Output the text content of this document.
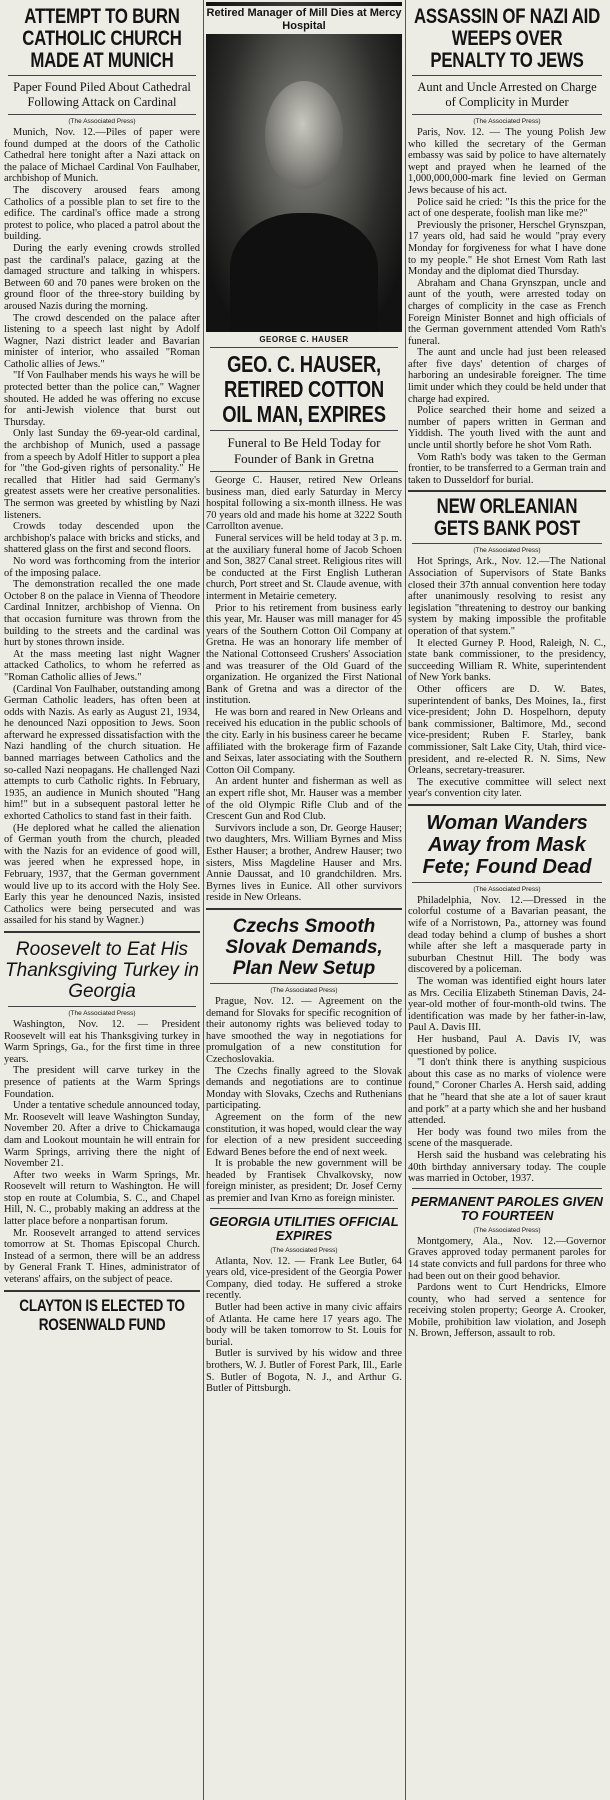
ATTEMPT TO BURN CATHOLIC CHURCH MADE AT MUNICH
Paper Found Piled About Cathedral Following Attack on Cardinal
(The Associated Press)

Munich, Nov. 12.—Piles of paper were found dumped at the doors of the Catholic Cathedral here tonight after a Nazi attack on the palace of Michael Cardinal Von Faulhaber, archbishop of Munich.

The discovery aroused fears among Catholics of a possible plan to set fire to the edifice. The cardinal's office made a strong protest to police, who placed a patrol about the building.

During the early evening crowds strolled past the cardinal's palace, gazing at the damaged structure and talking in whispers. Between 60 and 70 panes were broken on the ground floor of the three-story building by aroused Nazis during the morning.

The crowd descended on the palace after listening to a speech last night by Adolf Wagner, Nazi district leader and Bavarian minister of interior, who assailed "Roman Catholic allies of Jews."

"If Von Faulhaber mends his ways he will be protected better than the police can," Wagner shouted. He added he was offering no excuse for anti-Jewish violence that burst out Thursday.

Only last Sunday the 69-year-old cardinal, the archbishop of Munich, used a passage from a speech by Adolf Hitler to support a plea for "the God-given rights of personality." He recalled that Hitler had said Germany's greatest assets were her creative personalities. The sermon was greeted by whistling by Nazi listeners.

Crowds today descended upon the archbishop's palace with bricks and sticks, and shattered glass on the first and second floors.

No word was forthcoming from the interior of the imposing palace.

The demonstration recalled the one made October 8 on the palace in Vienna of Theodore Cardinal Innitzer, archbishop of Vienna. On that occasion furniture was thrown from the building to the streets and the cardinal was hurt by stones thrown inside.

At the mass meeting last night Wagner attacked Catholics, to whom he referred as "Roman Catholic allies of Jews."

(Cardinal Von Faulhaber, outstanding among German Catholic leaders, has often been at odds with Nazis. As early as August 21, 1934, he denounced Nazi opposition to Jews. Soon afterward he expressed dissatisfaction with the Nazi handling of the church situation. He banned marriages between Catholics and the so-called Nazi neopagans. He challenged Nazi attempts to curb Catholic rights. In February, 1935, an audience in Munich shouted "Hang him!" but in a subsequent pastoral letter he exhorted Catholics to stand fast in their faith.

(He deplored what he called the alienation of German youth from the church, pleaded with the Nazis for an evidence of good will, was jeered when he expressed hope, in February, 1937, that the German government would live up to its accord with the Holy See. Early this year he denounced Nazis, insisted Catholics were being persecuted and was assailed for his stand by Wagner.)

Roosevelt to Eat His Thanksgiving Turkey in Georgia
(The Associated Press)

Washington, Nov. 12. — President Roosevelt will eat his Thanksgiving turkey in Warm Springs, Ga., for the first time in three years.

The president will carve turkey in the presence of patients at the Warm Springs Foundation.

Under a tentative schedule announced today, Mr. Roosevelt will leave Washington Sunday, November 20. After a drive to Chickamauga dam and Lookout mountain he will entrain for Warm Springs, arriving there the night of November 21.

After two weeks in Warm Springs, Mr. Roosevelt will return to Washington. He will stop en route at Columbia, S. C., and Chapel Hill, N. C., probably making an address at the latter place before a nonpartisan forum.

Mr. Roosevelt arranged to attend services tomorrow at St. Thomas Episcopal Church. Instead of a sermon, there will be an address by General Frank T. Hines, administrator of veterans' affairs, on the subject of peace.

CLAYTON IS ELECTED TO ROSENWALD FUND
Retired Manager of Mill Dies at Mercy Hospital
GEORGE C. HAUSER
GEO. C. HAUSER, RETIRED COTTON OIL MAN, EXPIRES
Funeral to Be Held Today for Founder of Bank in Gretna

George C. Hauser, retired New Orleans business man, died early Saturday in Mercy hospital following a six-month illness. He was 70 years old and made his home at 3222 South Carrollton avenue.

Funeral services will be held today at 3 p. m. at the auxiliary funeral home of Jacob Schoen and Son, 3827 Canal street. Religious rites will be conducted at the First English Lutheran church, Port street and St. Claude avenue, with interment in Metairie cemetery.

Prior to his retirement from business early this year, Mr. Hauser was mill manager for 45 years of the Southern Cotton Oil Company at Gretna. He was an honorary life member of the National Cottonseed Crushers' Association and was treasurer of the Old Guard of the organization. He organized the First National Bank of Gretna and was a director of the institution.

He was born and reared in New Orleans and received his education in the public schools of the city. Early in his business career he became affiliated with the brokerage firm of Fazande and Seixas, later associating with the Southern Cotton Oil Company.

An ardent hunter and fisherman as well as an expert rifle shot, Mr. Hauser was a member of the old Olympic Rifle Club and of the Crescent Gun and Rod Club.

Survivors include a son, Dr. George Hauser; two daughters, Mrs. William Byrnes and Miss Esther Hauser; a brother, Andrew Hauser; two sisters, Miss Magdeline Hauser and Mrs. Annie Daussat, and 10 grandchildren. Mrs. Byrnes lives in Eunice. All other survivors reside in New Orleans.

Czechs Smooth Slovak Demands, Plan New Setup
(The Associated Press)

Prague, Nov. 12. — Agreement on the demand for Slovaks for specific recognition of their autonomy rights was believed today to have smoothed the way in negotiations for promulgation of a new constitution for Czechoslovakia.

The Czechs finally agreed to the Slovak demands and negotiations are to continue Monday with Slovaks, Czechs and Ruthenians participating.

Agreement on the form of the new constitution, it was hoped, would clear the way for election of a new president succeeding Edward Benes before the end of next week.

It is probable the new government will be headed by Frantisek Chvalkovsky, now foreign minister, as president; Dr. Josef Cerny as premier and Ivan Krno as foreign minister.

GEORGIA UTILITIES OFFICIAL EXPIRES
(The Associated Press)

Atlanta, Nov. 12. — Frank Lee Butler, 64 years old, vice-president of the Georgia Power Company, died today. He suffered a stroke recently.

Butler had been active in many civic affairs of Atlanta. He came here 17 years ago. The body will be taken tomorrow to St. Louis for burial.

Butler is survived by his widow and three brothers, W. J. Butler of Forest Park, Ill., Earle S. Butler of Bogota, N. J., and Arthur G. Butler of Pittsburgh.

ASSASSIN OF NAZI AID WEEPS OVER PENALTY TO JEWS
Aunt and Uncle Arrested on Charge of Complicity in Murder
(The Associated Press)

Paris, Nov. 12. — The young Polish Jew who killed the secretary of the German embassy was said by police to have alternately wept and prayed when he learned of the 1,000,000,000-mark fine levied on German Jews because of his act.

Police said he cried: "Is this the price for the act of one desperate, foolish man like me?"

Previously the prisoner, Herschel Grynszpan, 17 years old, had said he would "pray every Monday for forgiveness for what I have done to my people." He shot Ernest Vom Rath last Monday and the diplomat died Thursday.

Abraham and Chana Grynszpan, uncle and aunt of the youth, were arrested today on charges of complicity in the case as French Foreign Minister Bonnet and high officials of the German government attended Vom Rath's funeral.

The aunt and uncle had just been released after five days' detention of charges of harboring an undesirable foreigner. The time limit under which they could be held under that charge had expired.

Police searched their home and seized a number of papers written in German and Yiddish. The youth lived with the aunt and uncle until shortly before he shot Vom Rath.

Vom Rath's body was taken to the German frontier, to be transferred to a German train and taken to Dusseldorf for burial.

NEW ORLEANIAN GETS BANK POST
(The Associated Press)

Hot Springs, Ark., Nov. 12.—The National Association of Supervisors of State Banks closed their 37th annual convention here today after unanimously resolving to resist any legislation "threatening to destroy our banking system by making impossible the profitable operation of that system."

It elected Gurney P. Hood, Raleigh, N. C., state bank commissioner, to the presidency, succeeding William R. White, superintendent of New York banks.

Other officers are D. W. Bates, superintendent of banks, Des Moines, Ia., first vice-president; John D. Hospelhorn, deputy bank commissioner, Baltimore, Md., second vice-president; Ruben F. Starley, bank commissioner, Salt Lake City, Utah, third vice-president, and re-elected R. N. Sims, New Orleans, secretary-treasurer.

The executive committee will select next year's convention city later.

Woman Wanders Away from Mask Fete; Found Dead
(The Associated Press)

Philadelphia, Nov. 12.—Dressed in the colorful costume of a Bavarian peasant, the wife of a Norristown, Pa., attorney was found dead today behind a clump of bushes a short while after she left a masquerade party in suburban Chestnut Hill. The body was discovered by a policeman.

The woman was identified eight hours later as Mrs. Cecilia Elizabeth Stineman Davis, 24-year-old mother of four-month-old twins. The identification was made by her father-in-law, Paul A. Davis III.

Her husband, Paul A. Davis IV, was questioned by police.

"I don't think there is anything suspicious about this case as no marks of violence were found," Coroner Charles A. Hersh said, adding that he "heard that she ate a lot of sauer kraut and pork" at a party which she and her husband attended.

Her body was found two miles from the scene of the masquerade.

Hersh said the husband was celebrating his 40th birthday anniversary today. The couple was married in October, 1937.

PERMANENT PAROLES GIVEN TO FOURTEEN
(The Associated Press)

Montgomery, Ala., Nov. 12.—Governor Graves approved today permanent paroles for 14 state convicts and full pardons for three who had been out on their good behavior.

Pardons went to Curt Hendricks, Elmore county, who had served a sentence for receiving stolen property; George A. Crooker, Mobile, prohibition law violation, and Joseph N. Brown, Jefferson, assault to rob.
